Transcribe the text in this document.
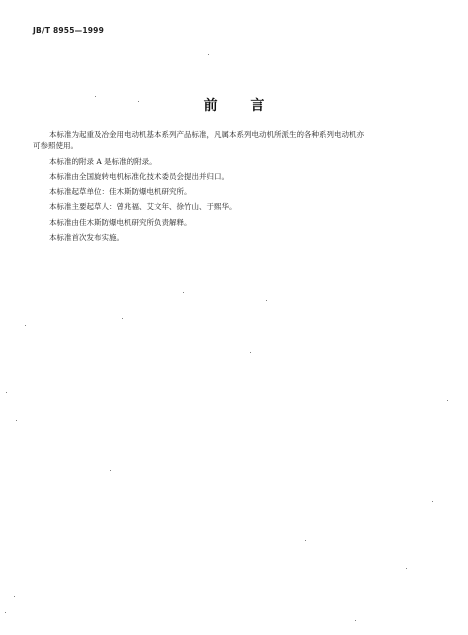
JB/T 8955—1999
前 言
本标准为起重及冶金用电动机基本系列产品标准，凡属本系列电动机所派生的各种系列电动机亦
可参照使用。
本标准的附录 A 是标准的附录。
本标准由全国旋转电机标准化技术委员会提出并归口。
本标准起草单位：佳木斯防爆电机研究所。
本标准主要起草人：曾兆福、艾文年、徐竹山、于熙华。
本标准由佳木斯防爆电机研究所负责解释。
本标准首次发布实施。
